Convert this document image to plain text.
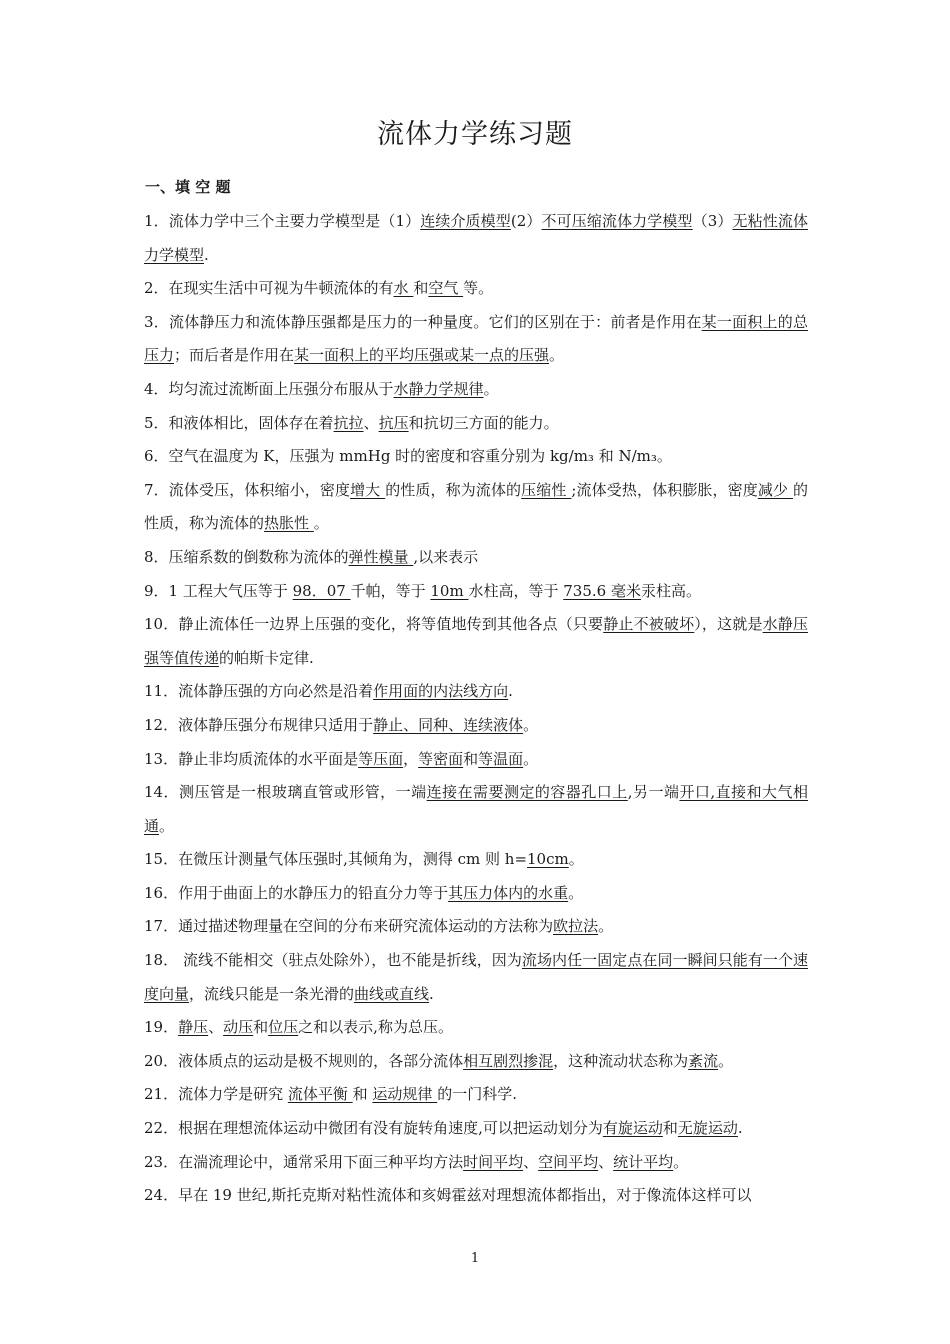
流体力学练习题
一、填 空 题
1．流体力学中三个主要力学模型是（1）连续介质模型(2）不可压缩流体力学模型（3）无粘性流体力学模型.
2．在现实生活中可视为牛顿流体的有水 和空气 等。
3．流体静压力和流体静压强都是压力的一种量度。它们的区别在于：前者是作用在某一面积上的总压力；而后者是作用在某一面积上的平均压强或某一点的压强。
4．均匀流过流断面上压强分布服从于水静力学规律。
5．和液体相比，固体存在着抗拉、抗压和抗切三方面的能力。
6．空气在温度为 K，压强为 mmHg 时的密度和容重分别为 kg/m₃ 和 N/m₃。
7．流体受压，体积缩小，密度增大 的性质，称为流体的压缩性 ;流体受热，体积膨胀，密度减少 的性质，称为流体的热胀性 。
8．压缩系数的倒数称为流体的弹性模量 ,以来表示
9．1 工程大气压等于 98．07 千帕，等于 10m 水柱高，等于 735.6 毫米汞柱高。
10．静止流体任一边界上压强的变化，将等值地传到其他各点（只要静止不被破坏），这就是水静压强等值传递的帕斯卡定律.
11．流体静压强的方向必然是沿着作用面的内法线方向.
12．液体静压强分布规律只适用于静止、同种、连续液体。
13．静止非均质流体的水平面是等压面，等密面和等温面。
14．测压管是一根玻璃直管或形管，一端连接在需要测定的容器孔口上,另一端开口,直接和大气相通。
15．在微压计测量气体压强时,其倾角为，测得 cm 则 h=10cm。
16．作用于曲面上的水静压力的铅直分力等于其压力体内的水重。
17．通过描述物理量在空间的分布来研究流体运动的方法称为欧拉法。
18． 流线不能相交（驻点处除外），也不能是折线，因为流场内任一固定点在同一瞬间只能有一个速度向量，流线只能是一条光滑的曲线或直线.
19．静压、动压和位压之和以表示,称为总压。
20．液体质点的运动是极不规则的，各部分流体相互剧烈掺混，这种流动状态称为紊流。
21．流体力学是研究 流体平衡 和 运动规律 的一门科学.
22．根据在理想流体运动中微团有没有旋转角速度,可以把运动划分为有旋运动和无旋运动.
23．在湍流理论中，通常采用下面三种平均方法时间平均、空间平均、统计平均。
24．早在 19 世纪,斯托克斯对粘性流体和亥姆霍兹对理想流体都指出，对于像流体这样可以
1
